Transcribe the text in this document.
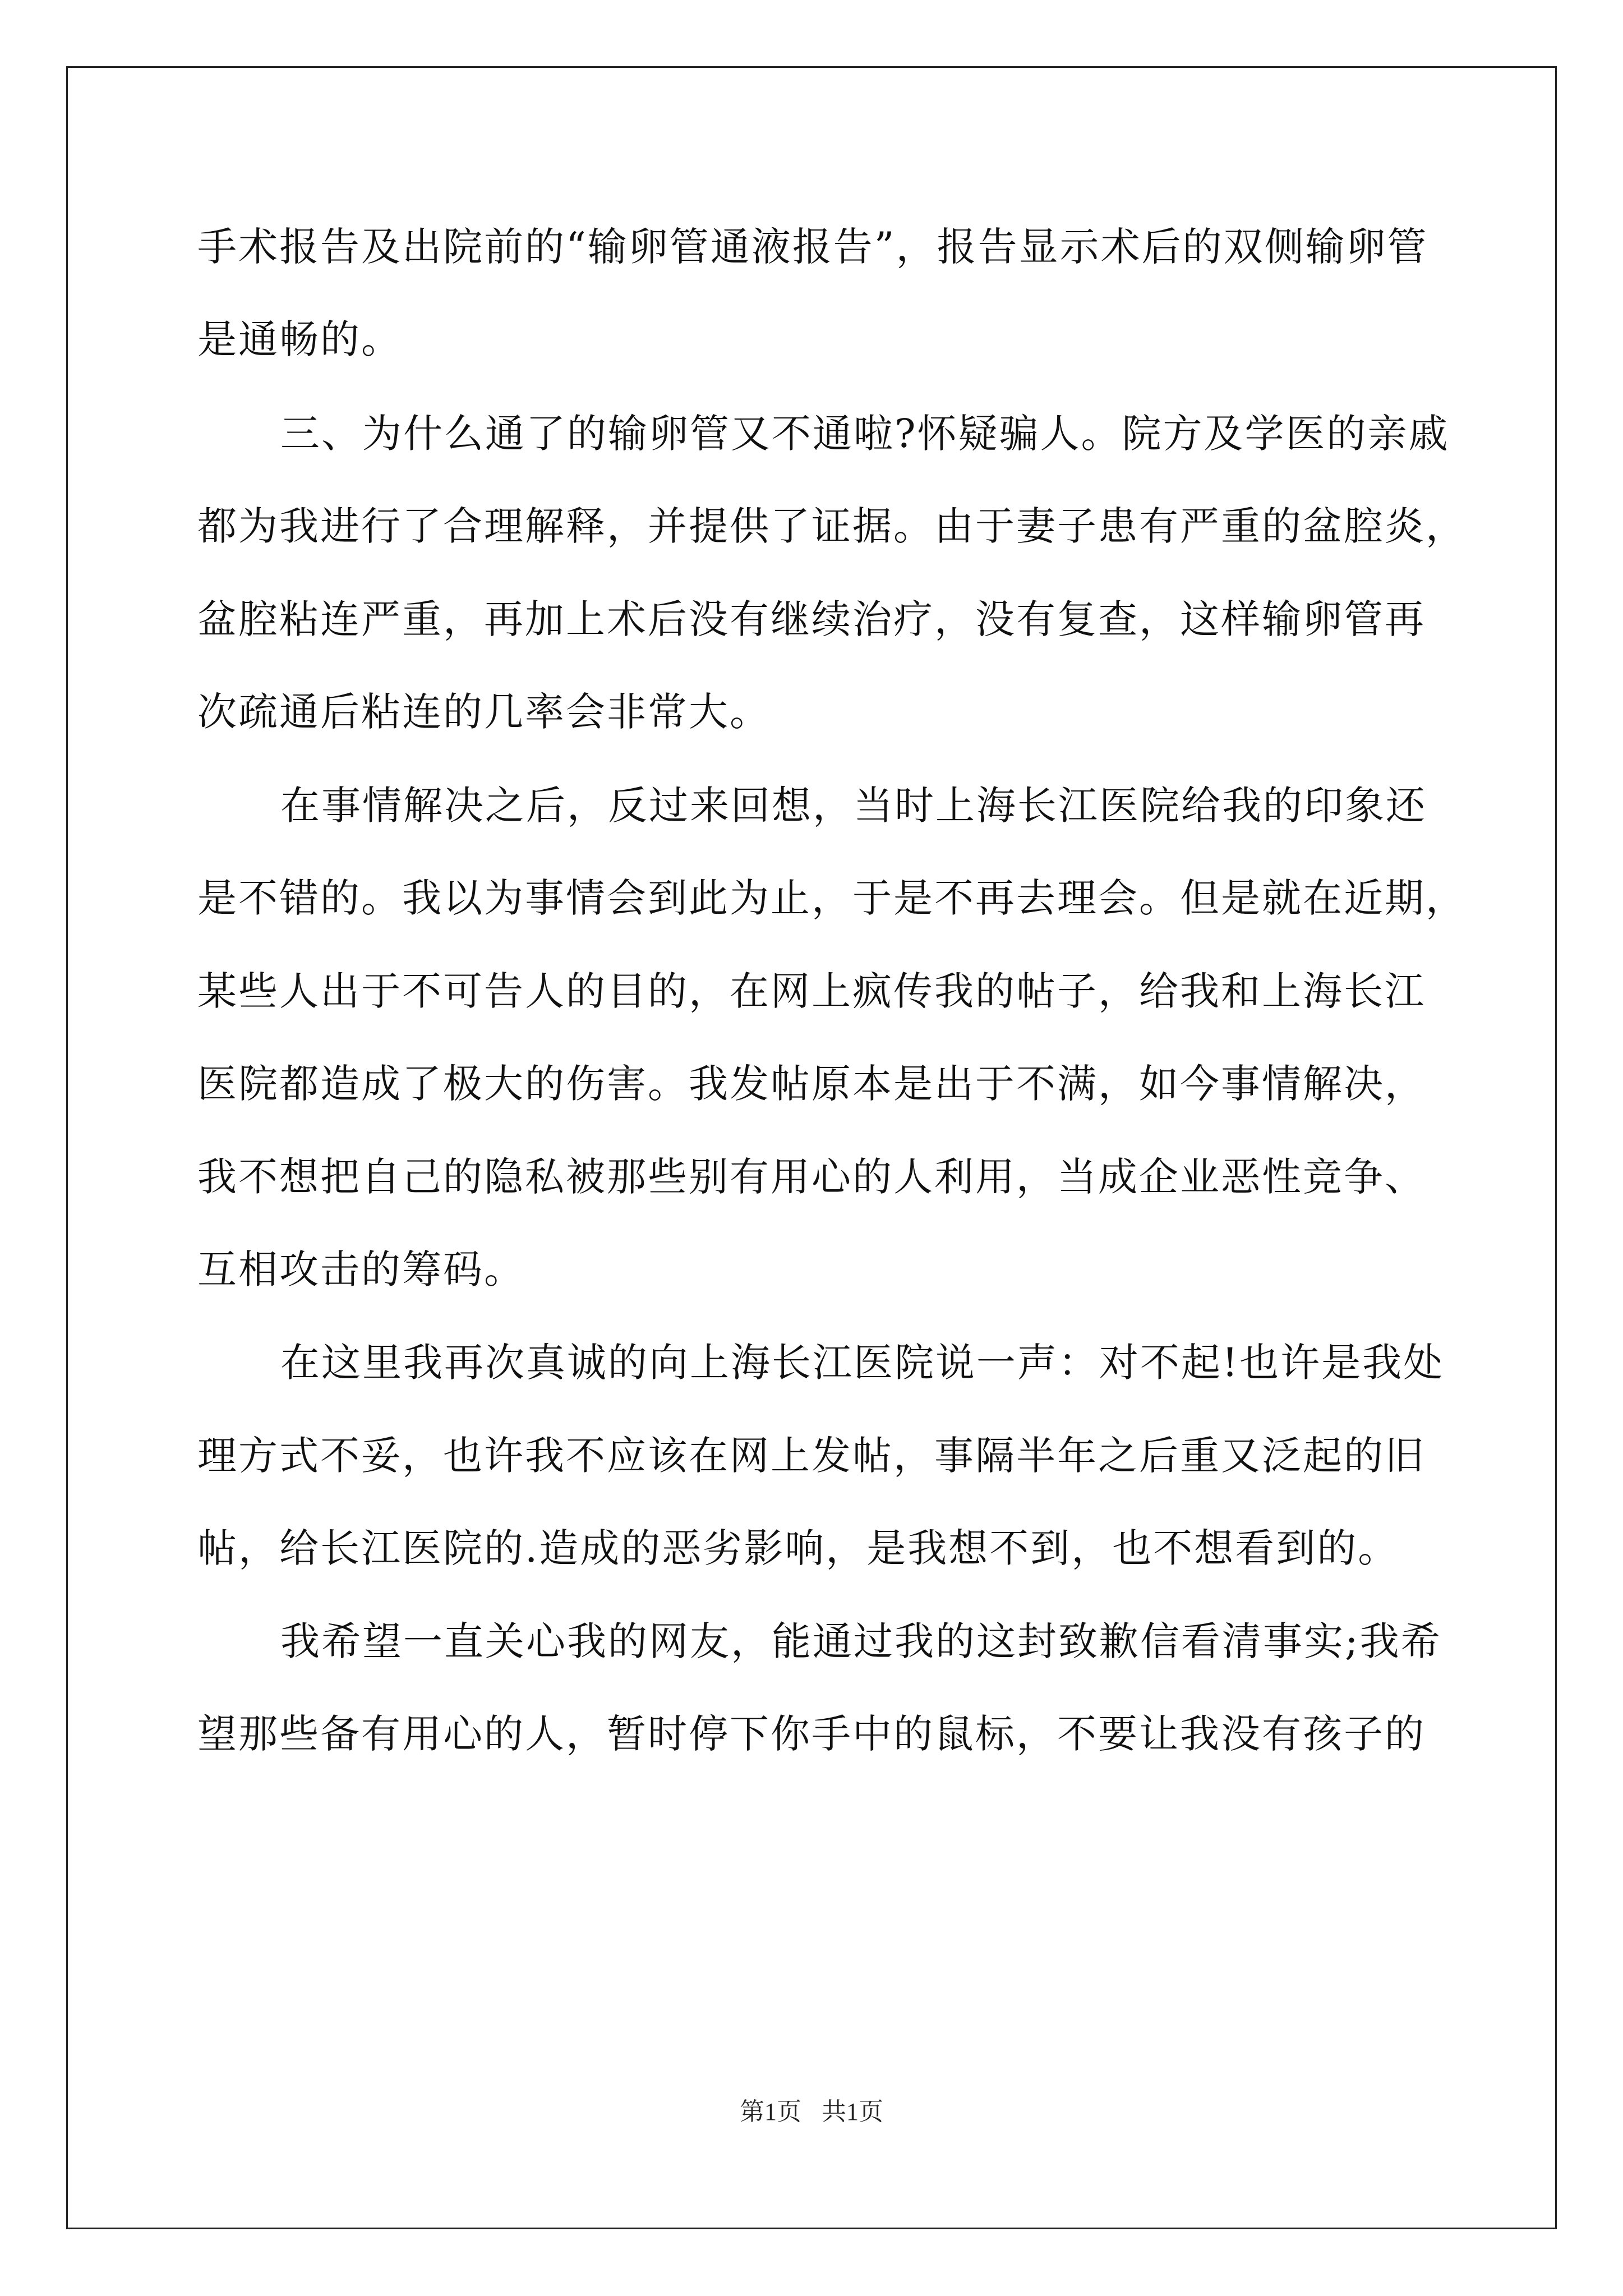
手术报告及出院前的“输卵管通液报告”，报告显示术后的双侧输卵管
是通畅的。
三、为什么通了的输卵管又不通啦?怀疑骗人。院方及学医的亲戚
都为我进行了合理解释，并提供了证据。由于妻子患有严重的盆腔炎，
盆腔粘连严重，再加上术后没有继续治疗，没有复查，这样输卵管再
次疏通后粘连的几率会非常大。
在事情解决之后，反过来回想，当时上海长江医院给我的印象还
是不错的。我以为事情会到此为止，于是不再去理会。但是就在近期，
某些人出于不可告人的目的，在网上疯传我的帖子，给我和上海长江
医院都造成了极大的伤害。我发帖原本是出于不满，如今事情解决，
我不想把自己的隐私被那些别有用心的人利用，当成企业恶性竞争、
互相攻击的筹码。
在这里我再次真诚的向上海长江医院说一声：对不起!也许是我处
理方式不妥，也许我不应该在网上发帖，事隔半年之后重又泛起的旧
帖，给长江医院的.造成的恶劣影响，是我想不到，也不想看到的。
我希望一直关心我的网友，能通过我的这封致歉信看清事实;我希
望那些备有用心的人，暂时停下你手中的鼠标，不要让我没有孩子的
第1页 共1页
